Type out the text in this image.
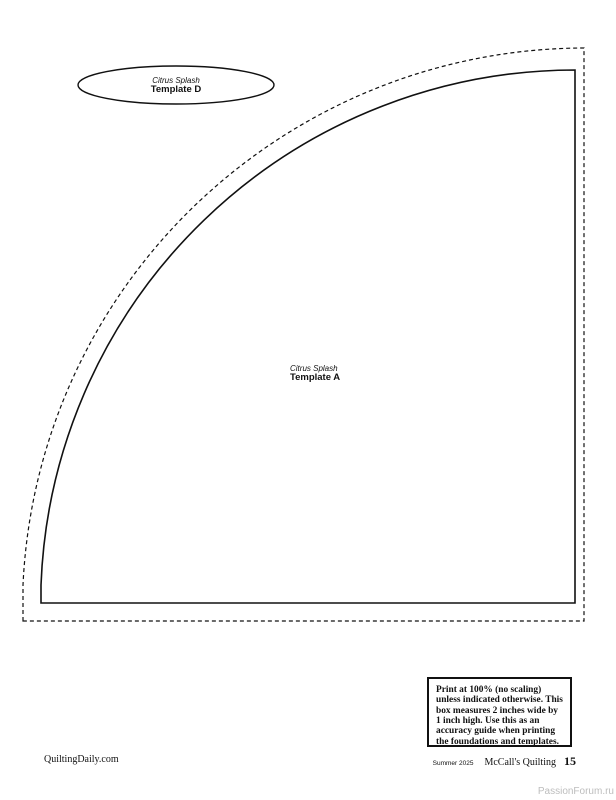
Citrus Splash
Template D
Citrus Splash
Template A
Print at 100% (no scaling) unless indicated otherwise. This box measures 2 inches wide by 1 inch high. Use this as an accuracy guide when printing the foundations and templates.
QuiltingDaily.com	Summer 2025 McCall's Quilting 15
PassionForum.ru
